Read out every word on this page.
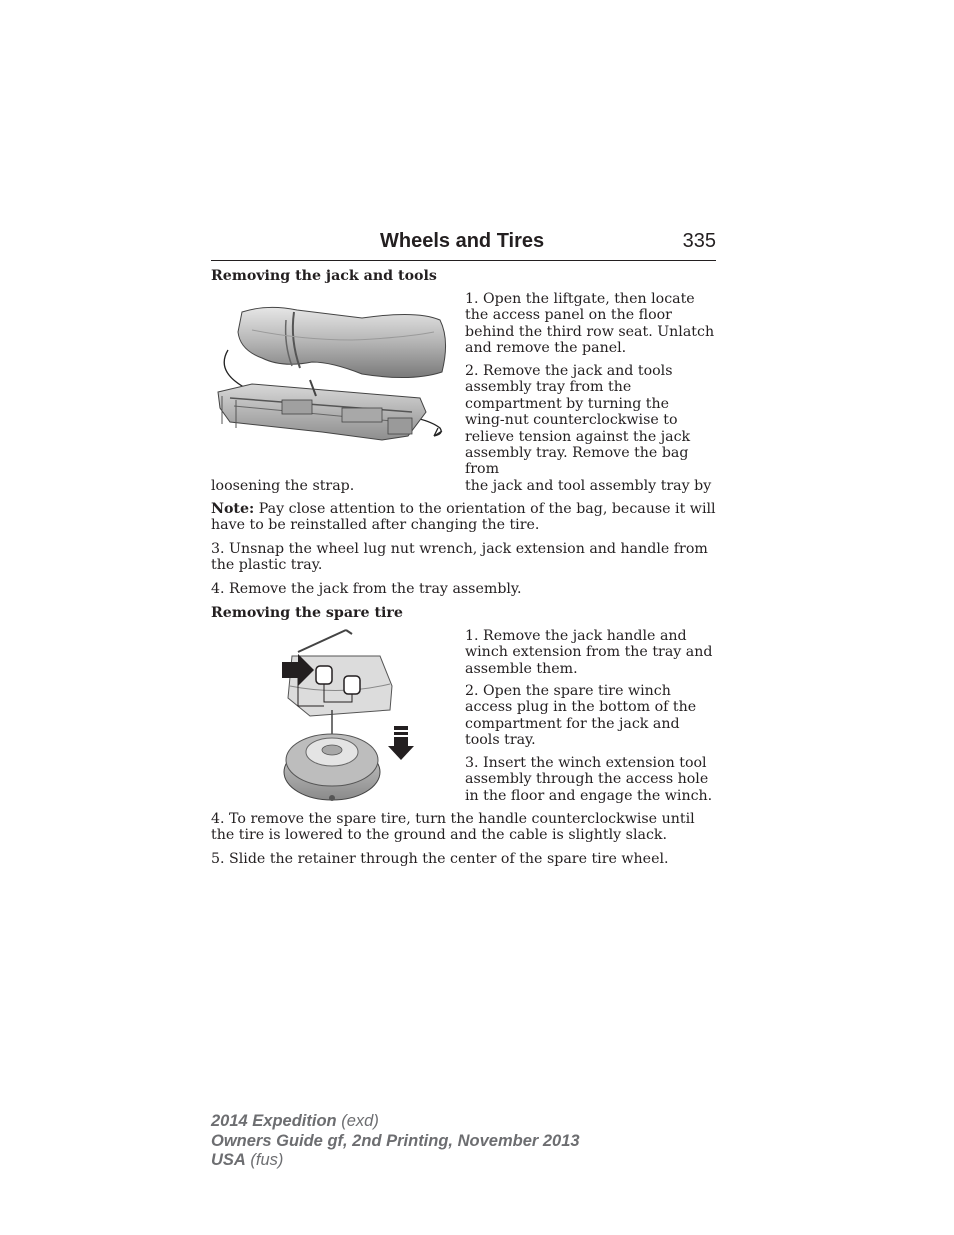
Wheels and Tires	335

Removing the jack and tools

1. Open the liftgate, then locate the access panel on the floor behind the third row seat. Unlatch and remove the panel.

2. Remove the jack and tools
assembly tray from the
compartment by turning the
wing-nut counterclockwise to
relieve tension against the jack
assembly tray. Remove the bag from
the jack and tool assembly tray by

loosening the strap.

Note: Pay close attention to the orientation of the bag, because it will have to be reinstalled after changing the tire.

3. Unsnap the wheel lug nut wrench, jack extension and handle from the plastic tray.

4. Remove the jack from the tray assembly.

Removing the spare tire

1. Remove the jack handle and winch extension from the tray and assemble them.

2. Open the spare tire winch access plug in the bottom of the compartment for the jack and tools tray.

3. Insert the winch extension tool assembly through the access hole in the floor and engage the winch.

4. To remove the spare tire, turn the handle counterclockwise until the tire is lowered to the ground and the cable is slightly slack.

5. Slide the retainer through the center of the spare tire wheel.

2014 Expedition (exd)
Owners Guide gf, 2nd Printing, November 2013
USA (fus)
